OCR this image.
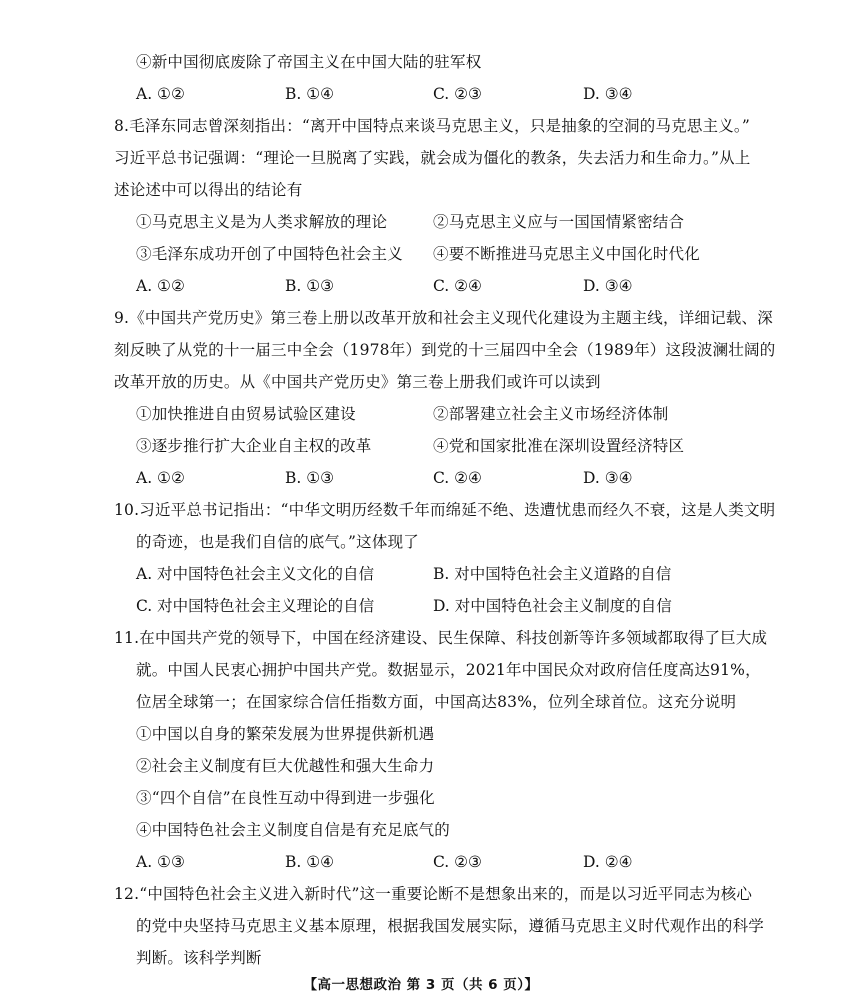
④新中国彻底废除了帝国主义在中国大陆的驻军权
A. ①②	B. ①④	C. ②③	D. ③④
8.毛泽东同志曾深刻指出：“离开中国特点来谈马克思主义，只是抽象的空洞的马克思主义。”
习近平总书记强调：“理论一旦脱离了实践，就会成为僵化的教条，失去活力和生命力。”从上
述论述中可以得出的结论有
①马克思主义是为人类求解放的理论	②马克思主义应与一国国情紧密结合
③毛泽东成功开创了中国特色社会主义 ④要不断推进马克思主义中国化时代化
A. ①②	B. ①③	C. ②④	D. ③④
9.《中国共产党历史》第三卷上册以改革开放和社会主义现代化建设为主题主线，详细记载、深
刻反映了从党的十一届三中全会（1978年）到党的十三届四中全会（1989年）这段波澜壮阔的
改革开放的历史。从《中国共产党历史》第三卷上册我们或许可以读到
①加快推进自由贸易试验区建设	②部署建立社会主义市场经济体制
③逐步推行扩大企业自主权的改革	④党和国家批准在深圳设置经济特区
A. ①②	B. ①③	C. ②④	D. ③④
10.习近平总书记指出：“中华文明历经数千年而绵延不绝、迭遭忧患而经久不衰，这是人类文明
的奇迹，也是我们自信的底气。”这体现了
A. 对中国特色社会主义文化的自信	B. 对中国特色社会主义道路的自信
C. 对中国特色社会主义理论的自信	D. 对中国特色社会主义制度的自信
11.在中国共产党的领导下，中国在经济建设、民生保障、科技创新等许多领域都取得了巨大成
就。中国人民衷心拥护中国共产党。数据显示，2021年中国民众对政府信任度高达91%，
位居全球第一；在国家综合信任指数方面，中国高达83%，位列全球首位。这充分说明
①中国以自身的繁荣发展为世界提供新机遇
②社会主义制度有巨大优越性和强大生命力
③“四个自信”在良性互动中得到进一步强化
④中国特色社会主义制度自信是有充足底气的
A. ①③	B. ①④	C. ②③	D. ②④
12.“中国特色社会主义进入新时代”这一重要论断不是想象出来的，而是以习近平同志为核心
的党中央坚持马克思主义基本原理，根据我国发展实际，遵循马克思主义时代观作出的科学
判断。该科学判断
【高一思想政治 第 3 页（共 6 页）】
